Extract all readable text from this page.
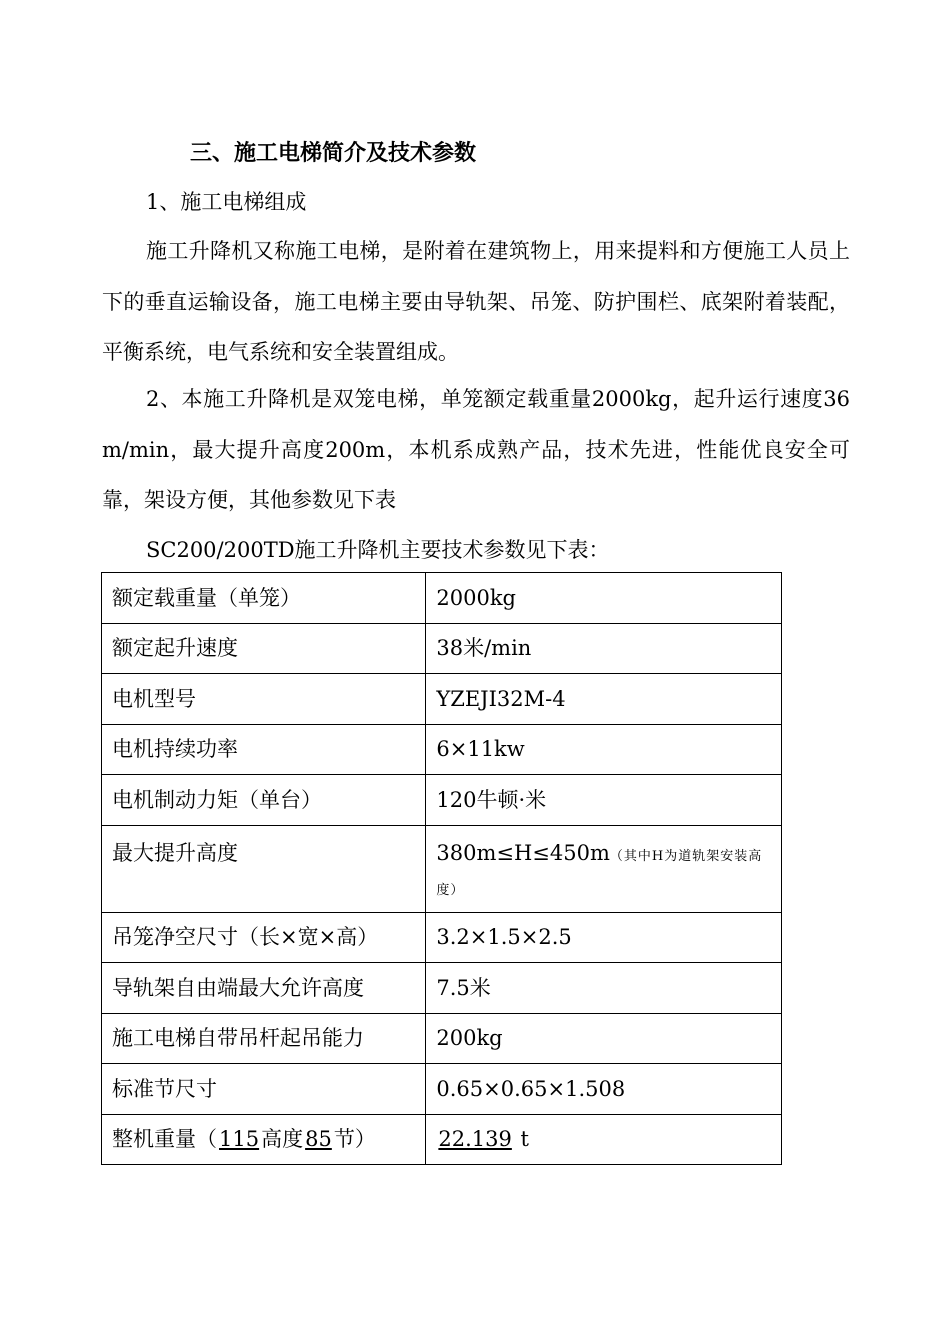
三、施工电梯简介及技术参数
1、施工电梯组成
施工升降机又称施工电梯，是附着在建筑物上，用来提料和方便施工人员上下的垂直运输设备，施工电梯主要由导轨架、吊笼、防护围栏、底架附着装配，平衡系统，电气系统和安全装置组成。
2、本施工升降机是双笼电梯，单笼额定载重量2000kg，起升运行速度36m/min，最大提升高度200m，本机系成熟产品，技术先进，性能优良安全可靠，架设方便，其他参数见下表
SC200/200TD施工升降机主要技术参数见下表：
额定载重量（单笼）	2000kg
额定起升速度	38米/min
电机型号	YZEJI32M-4
电机持续功率	6×11kw
电机制动力矩（单台）	120牛顿·米
最大提升高度	380m≤H≤450m（其中H为道轨架安装高度）
吊笼净空尺寸（长×宽×高）	3.2×1.5×2.5
导轨架自由端最大允许高度	7.5米
施工电梯自带吊杆起吊能力	200kg
标准节尺寸	0.65×0.65×1.508
整机重量（115高度85节）	22.139 t
